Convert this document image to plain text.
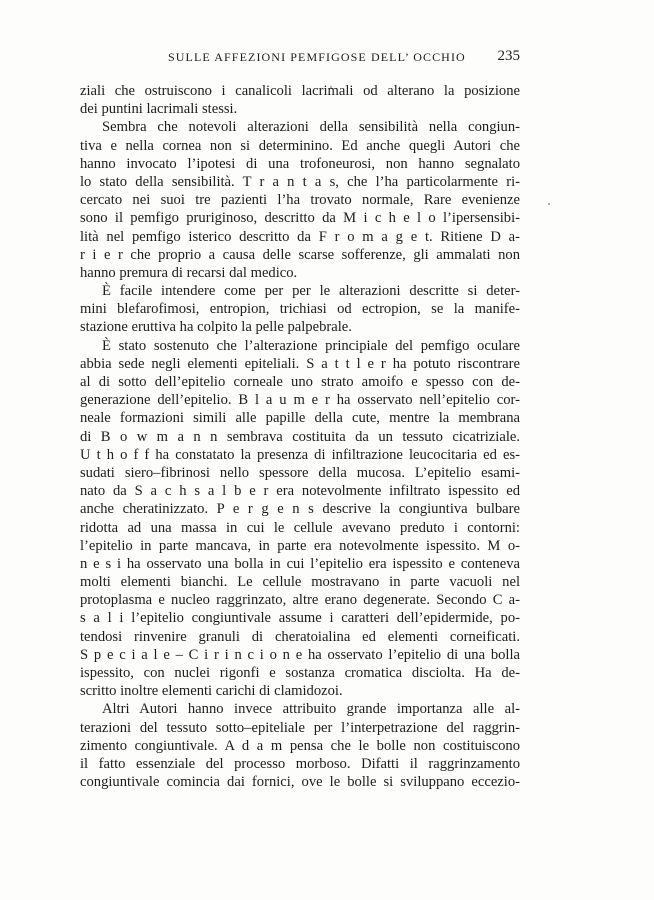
SULLE AFFEZIONI PEMFIGOSE DELL’ OCCHIO 235
ziali che ostruiscono i canalicoli lacrimali od alterano la posizione
dei puntini lacrimali stessi.
Sembra che notevoli alterazioni della sensibilità nella congiun-
tiva e nella cornea non si determinino. Ed anche quegli Autori che
hanno invocato l’ipotesi di una trofoneurosi, non hanno segnalato
lo stato della sensibilità. T r a n t a s, che l’ha particolarmente ri-
cercato nei suoi tre pazienti l’ha trovato normale, Rare evenienze
sono il pemfigo pruriginoso, descritto da M i c h e l o l’ipersensibi-
lità nel pemfigo isterico descritto da F r o m a g e t. Ritiene D a-
r i e r che proprio a causa delle scarse sofferenze, gli ammalati non
hanno premura di recarsi dal medico.
È facile intendere come per per le alterazioni descritte si deter-
mini blefarofimosi, entropion, trichiasi od ectropion, se la manife-
stazione eruttiva ha colpito la pelle palpebrale.
È stato sostenuto che l’alterazione principiale del pemfigo oculare
abbia sede negli elementi epiteliali. S a t t l e r ha potuto riscontrare
al di sotto dell’epitelio corneale uno strato amoifo e spesso con de-
generazione dell’epitelio. B l a u m e r ha osservato nell’epitelio cor-
neale formazioni simili alle papille della cute, mentre la membrana
di B o w m a n n sembrava costituita da un tessuto cicatriziale.
U t h o f f ha constatato la presenza di infiltrazione leucocitaria ed es-
sudati siero–fibrinosi nello spessore della mucosa. L’epitelio esami-
nato da S a c h s a l b e r era notevolmente infiltrato ispessito ed
anche cheratinizzato. P e r g e n s descrive la congiuntiva bulbare
ridotta ad una massa in cui le cellule avevano preduto i contorni:
l’epitelio in parte mancava, in parte era notevolmente ispessito. M o-
n e s i ha osservato una bolla in cui l’epitelio era ispessito e conteneva
molti elementi bianchi. Le cellule mostravano in parte vacuoli nel
protoplasma e nucleo raggrinzato, altre erano degenerate. Secondo C a-
s a l i l’epitelio congiuntivale assume i caratteri dell’epidermide, po-
tendosi rinvenire granuli di cheratoialina ed elementi corneificati.
S p e c i a l e – C i r i n c i o n e ha osservato l’epitelio di una bolla
ispessito, con nuclei rigonfi e sostanza cromatica disciolta. Ha de-
scritto inoltre elementi carichi di clamidozoi.
Altri Autori hanno invece attribuito grande importanza alle al-
terazioni del tessuto sotto–epiteliale per l’interpetrazione del raggrin-
zimento congiuntivale. A d a m pensa che le bolle non costituiscono
il fatto essenziale del processo morboso. Difatti il raggrinzamento
congiuntivale comincia dai fornici, ove le bolle si sviluppano eccezio-
